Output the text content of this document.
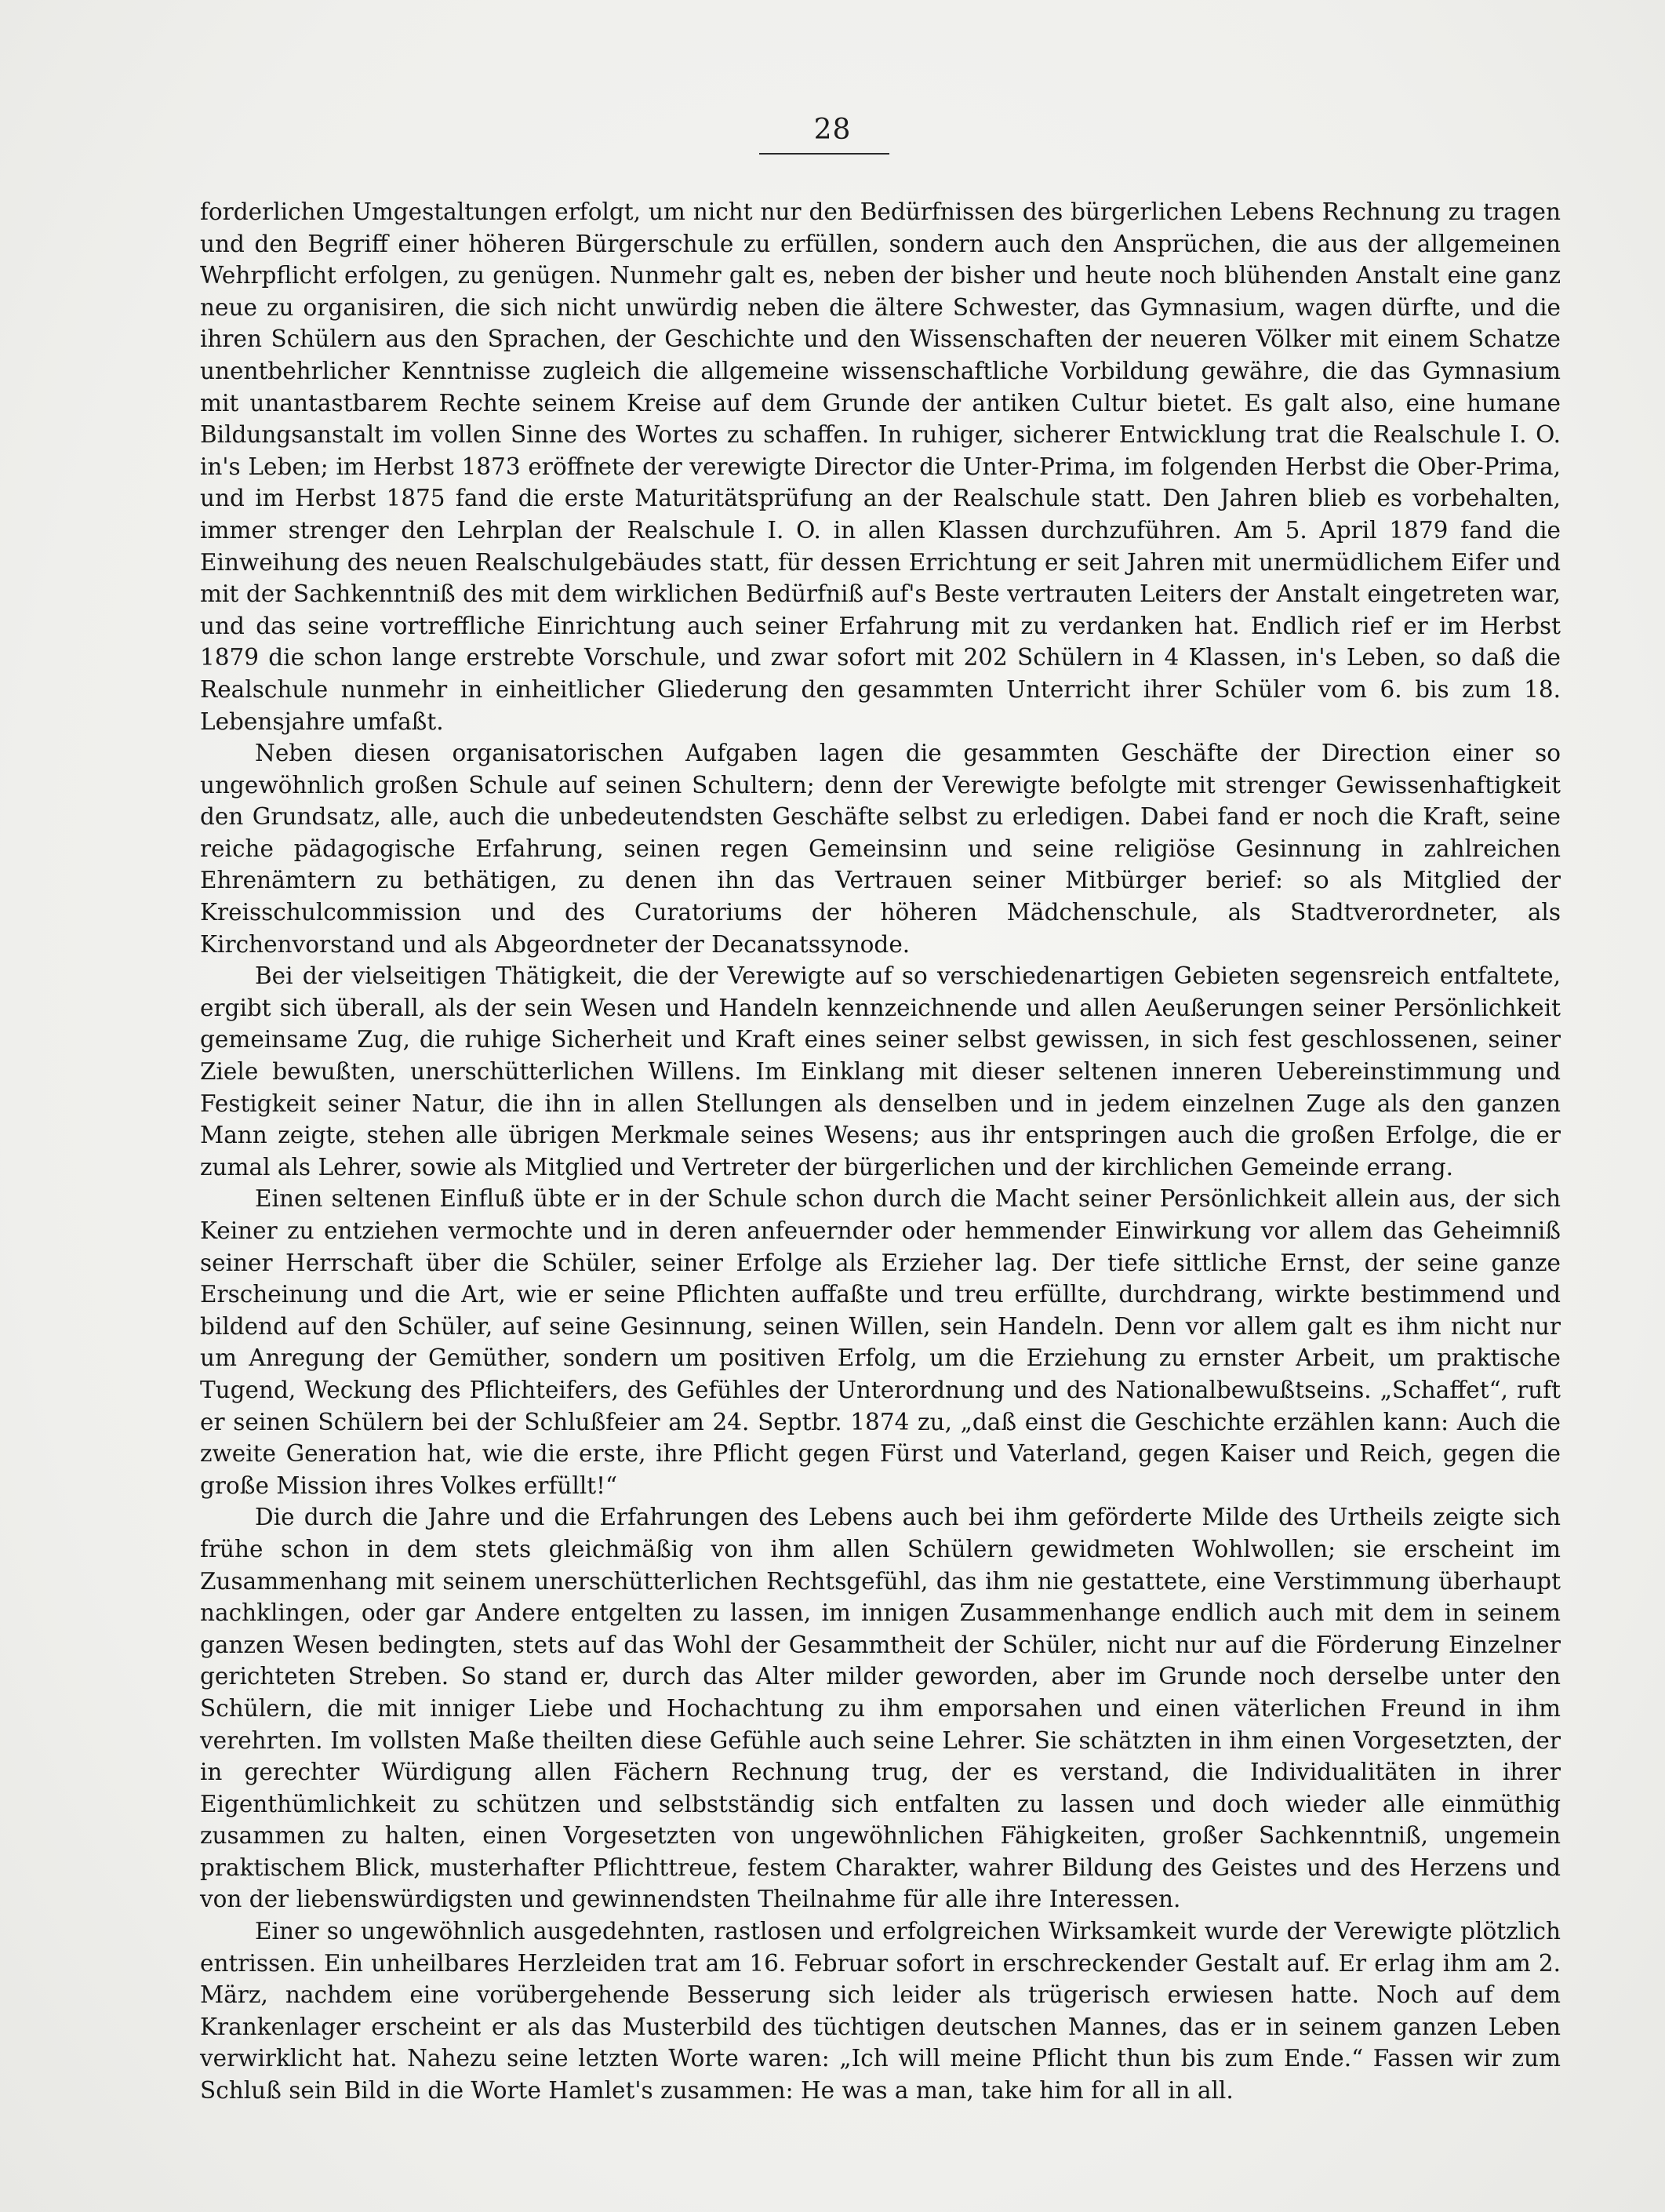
28

forderlichen Umgestaltungen erfolgt, um nicht nur den Bedürfnissen des bürgerlichen Lebens Rechnung zu tragen und den Begriff einer höheren Bürgerschule zu erfüllen, sondern auch den Ansprüchen, die aus der allgemeinen Wehrpflicht erfolgen, zu genügen. Nunmehr galt es, neben der bisher und heute noch blühenden Anstalt eine ganz neue zu organisiren, die sich nicht unwürdig neben die ältere Schwester, das Gymnasium, wagen dürfte, und die ihren Schülern aus den Sprachen, der Geschichte und den Wissenschaften der neueren Völker mit einem Schatze unentbehrlicher Kenntnisse zugleich die allgemeine wissenschaftliche Vorbildung gewähre, die das Gymnasium mit unantastbarem Rechte seinem Kreise auf dem Grunde der antiken Cultur bietet. Es galt also, eine humane Bildungsanstalt im vollen Sinne des Wortes zu schaffen. In ruhiger, sicherer Entwicklung trat die Realschule I. O. in's Leben; im Herbst 1873 eröffnete der verewigte Director die Unter-Prima, im folgenden Herbst die Ober-Prima, und im Herbst 1875 fand die erste Maturitätsprüfung an der Realschule statt. Den Jahren blieb es vorbehalten, immer strenger den Lehrplan der Realschule I. O. in allen Klassen durchzuführen. Am 5. April 1879 fand die Einweihung des neuen Realschulgebäudes statt, für dessen Errichtung er seit Jahren mit unermüdlichem Eifer und mit der Sachkenntniß des mit dem wirklichen Bedürfniß auf's Beste vertrauten Leiters der Anstalt eingetreten war, und das seine vortreffliche Einrichtung auch seiner Erfahrung mit zu verdanken hat. Endlich rief er im Herbst 1879 die schon lange erstrebte Vorschule, und zwar sofort mit 202 Schülern in 4 Klassen, in's Leben, so daß die Realschule nunmehr in einheitlicher Gliederung den gesammten Unterricht ihrer Schüler vom 6. bis zum 18. Lebensjahre umfaßt.

Neben diesen organisatorischen Aufgaben lagen die gesammten Geschäfte der Direction einer so ungewöhnlich großen Schule auf seinen Schultern; denn der Verewigte befolgte mit strenger Gewissenhaftigkeit den Grundsatz, alle, auch die unbedeutendsten Geschäfte selbst zu erledigen. Dabei fand er noch die Kraft, seine reiche pädagogische Erfahrung, seinen regen Gemeinsinn und seine religiöse Gesinnung in zahlreichen Ehrenämtern zu bethätigen, zu denen ihn das Vertrauen seiner Mitbürger berief: so als Mitglied der Kreisschulcommission und des Curatoriums der höheren Mädchenschule, als Stadtverordneter, als Kirchenvorstand und als Abgeordneter der Decanatssynode.

Bei der vielseitigen Thätigkeit, die der Verewigte auf so verschiedenartigen Gebieten segensreich entfaltete, ergibt sich überall, als der sein Wesen und Handeln kennzeichnende und allen Aeußerungen seiner Persönlichkeit gemeinsame Zug, die ruhige Sicherheit und Kraft eines seiner selbst gewissen, in sich fest geschlossenen, seiner Ziele bewußten, unerschütterlichen Willens. Im Einklang mit dieser seltenen inneren Uebereinstimmung und Festigkeit seiner Natur, die ihn in allen Stellungen als denselben und in jedem einzelnen Zuge als den ganzen Mann zeigte, stehen alle übrigen Merkmale seines Wesens; aus ihr entspringen auch die großen Erfolge, die er zumal als Lehrer, sowie als Mitglied und Vertreter der bürgerlichen und der kirchlichen Gemeinde errang.

Einen seltenen Einfluß übte er in der Schule schon durch die Macht seiner Persönlichkeit allein aus, der sich Keiner zu entziehen vermochte und in deren anfeuernder oder hemmender Einwirkung vor allem das Geheimniß seiner Herrschaft über die Schüler, seiner Erfolge als Erzieher lag. Der tiefe sittliche Ernst, der seine ganze Erscheinung und die Art, wie er seine Pflichten auffaßte und treu erfüllte, durchdrang, wirkte bestimmend und bildend auf den Schüler, auf seine Gesinnung, seinen Willen, sein Handeln. Denn vor allem galt es ihm nicht nur um Anregung der Gemüther, sondern um positiven Erfolg, um die Erziehung zu ernster Arbeit, um praktische Tugend, Weckung des Pflichteifers, des Gefühles der Unterordnung und des Nationalbewußtseins. „Schaffet“, ruft er seinen Schülern bei der Schlußfeier am 24. Septbr. 1874 zu, „daß einst die Geschichte erzählen kann: Auch die zweite Generation hat, wie die erste, ihre Pflicht gegen Fürst und Vaterland, gegen Kaiser und Reich, gegen die große Mission ihres Volkes erfüllt!“

Die durch die Jahre und die Erfahrungen des Lebens auch bei ihm geförderte Milde des Urtheils zeigte sich frühe schon in dem stets gleichmäßig von ihm allen Schülern gewidmeten Wohlwollen; sie erscheint im Zusammenhang mit seinem unerschütterlichen Rechtsgefühl, das ihm nie gestattete, eine Verstimmung überhaupt nachklingen, oder gar Andere entgelten zu lassen, im innigen Zusammenhange endlich auch mit dem in seinem ganzen Wesen bedingten, stets auf das Wohl der Gesammtheit der Schüler, nicht nur auf die Förderung Einzelner gerichteten Streben. So stand er, durch das Alter milder geworden, aber im Grunde noch derselbe unter den Schülern, die mit inniger Liebe und Hochachtung zu ihm emporsahen und einen väterlichen Freund in ihm verehrten. Im vollsten Maße theilten diese Gefühle auch seine Lehrer. Sie schätzten in ihm einen Vorgesetzten, der in gerechter Würdigung allen Fächern Rechnung trug, der es verstand, die Individualitäten in ihrer Eigenthümlichkeit zu schützen und selbstständig sich entfalten zu lassen und doch wieder alle einmüthig zusammen zu halten, einen Vorgesetzten von ungewöhnlichen Fähigkeiten, großer Sachkenntniß, ungemein praktischem Blick, musterhafter Pflichttreue, festem Charakter, wahrer Bildung des Geistes und des Herzens und von der liebenswürdigsten und gewinnendsten Theilnahme für alle ihre Interessen.

Einer so ungewöhnlich ausgedehnten, rastlosen und erfolgreichen Wirksamkeit wurde der Verewigte plötzlich entrissen. Ein unheilbares Herzleiden trat am 16. Februar sofort in erschreckender Gestalt auf. Er erlag ihm am 2. März, nachdem eine vorübergehende Besserung sich leider als trügerisch erwiesen hatte. Noch auf dem Krankenlager erscheint er als das Musterbild des tüchtigen deutschen Mannes, das er in seinem ganzen Leben verwirklicht hat. Nahezu seine letzten Worte waren: „Ich will meine Pflicht thun bis zum Ende.“ Fassen wir zum Schluß sein Bild in die Worte Hamlet's zusammen: He was a man, take him for all in all.
